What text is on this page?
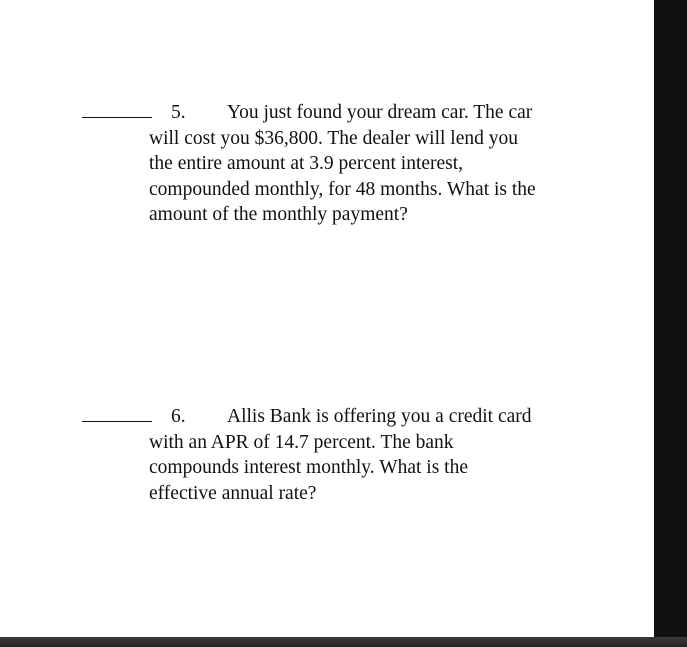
5.	You just found your dream car. The car
will cost you $36,800. The dealer will lend you
the entire amount at 3.9 percent interest,
compounded monthly, for 48 months. What is the
amount of the monthly payment?
6.	Allis Bank is offering you a credit card
with an APR of 14.7 percent. The bank
compounds interest monthly. What is the
effective annual rate?
